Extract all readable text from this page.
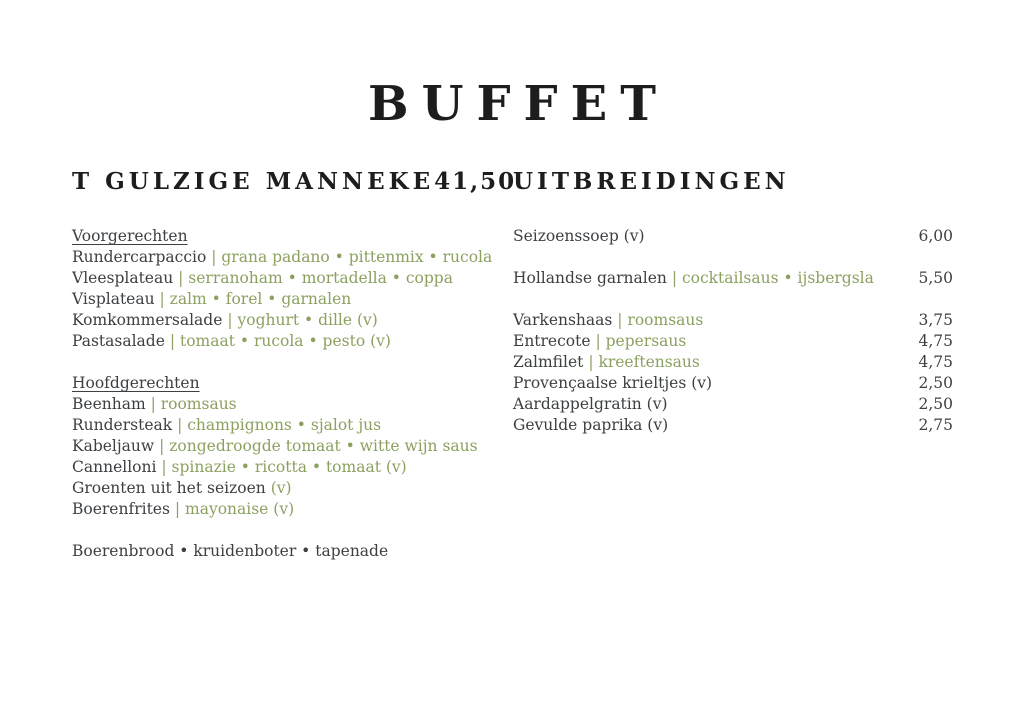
BUFFET
T GULZIGE MANNEKE 41,50
Voorgerechten
Rundercarpaccio | grana padano • pittenmix • rucola
Vleesplateau | serranoham • mortadella • coppa
Visplateau | zalm • forel • garnalen
Komkommersalade | yoghurt • dille (v)
Pastasalade | tomaat • rucola • pesto (v)
Hoofdgerechten
Beenham | roomsaus
Rundersteak | champignons • sjalot jus
Kabeljauw | zongedroogde tomaat • witte wijn saus
Cannelloni | spinazie • ricotta • tomaat (v)
Groenten uit het seizoen (v)
Boerenfrites | mayonaise (v)
Boerenbrood • kruidenboter • tapenade
UITBREIDINGEN
Seizoenssoep (v)	6,00
Hollandse garnalen | cocktailsaus • ijsbergsla	5,50
Varkenshaas | roomsaus	3,75
Entrecote | pepersaus	4,75
Zalmfilet | kreeftensaus	4,75
Provençaalse krieltjes (v)	2,50
Aardappelgratin (v)	2,50
Gevulde paprika (v)	2,75
